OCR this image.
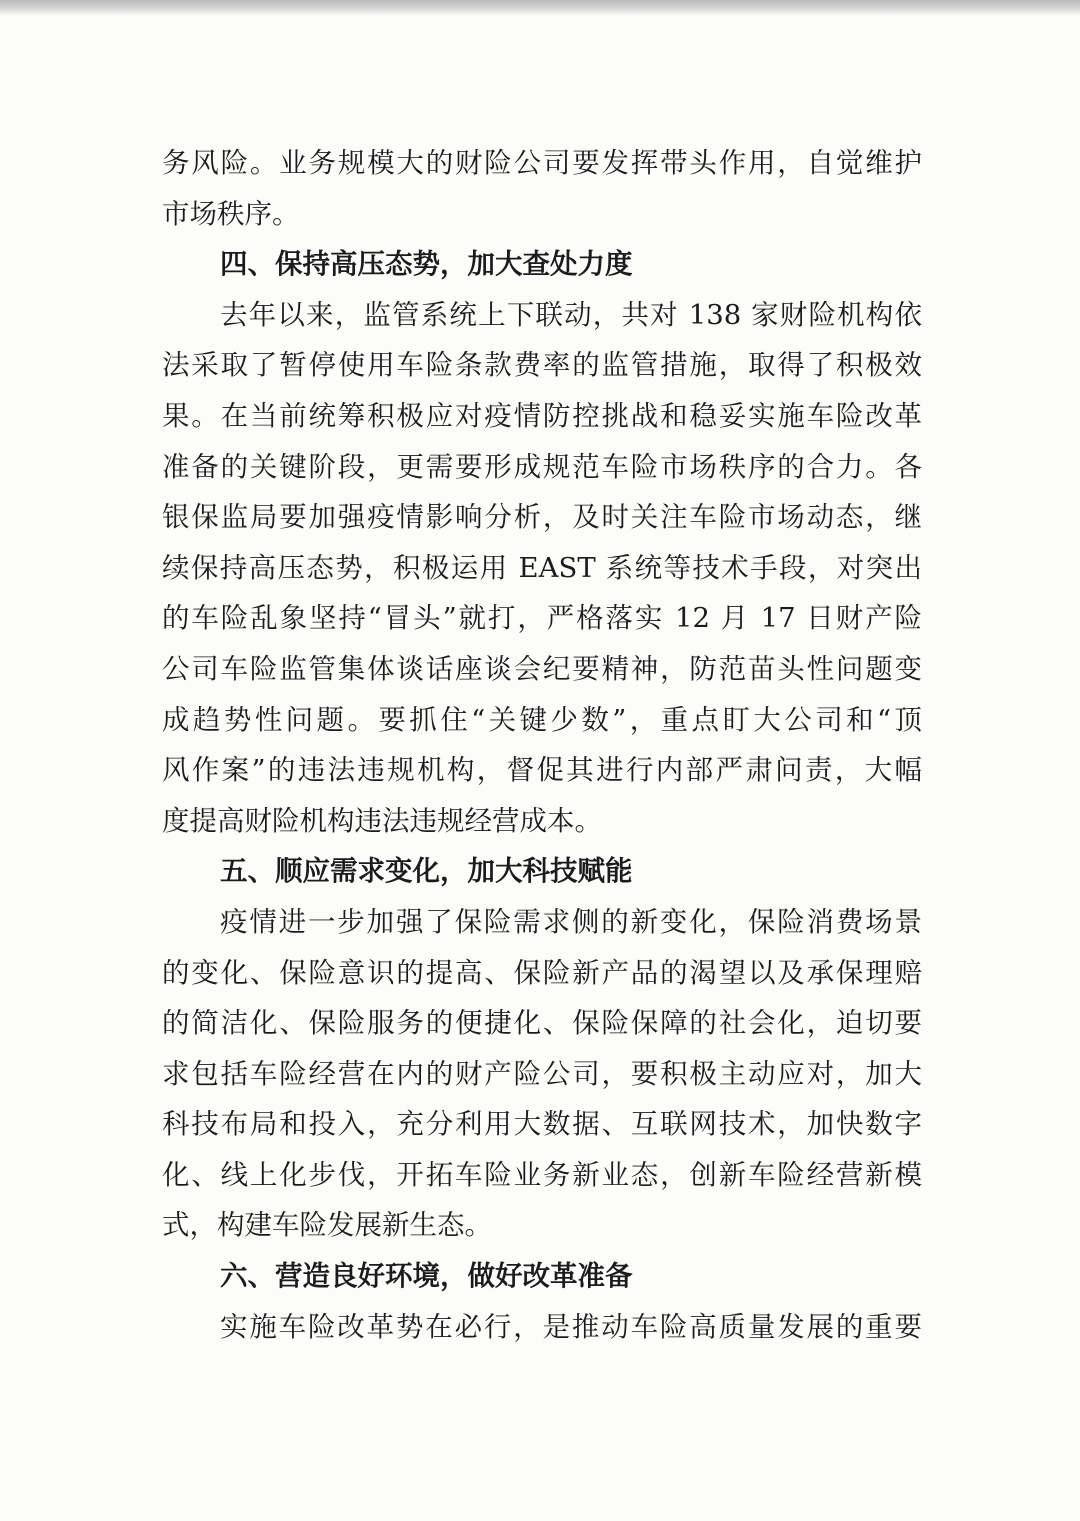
务风险。业务规模大的财险公司要发挥带头作用，自觉维护
市场秩序。
四、保持高压态势，加大查处力度
去年以来，监管系统上下联动，共对 138 家财险机构依
法采取了暂停使用车险条款费率的监管措施，取得了积极效
果。在当前统筹积极应对疫情防控挑战和稳妥实施车险改革
准备的关键阶段，更需要形成规范车险市场秩序的合力。各
银保监局要加强疫情影响分析，及时关注车险市场动态，继
续保持高压态势，积极运用 EAST 系统等技术手段，对突出
的车险乱象坚持“冒头”就打，严格落实 12 月 17 日财产险
公司车险监管集体谈话座谈会纪要精神，防范苗头性问题变
成趋势性问题。要抓住“关键少数”，重点盯大公司和“顶
风作案”的违法违规机构，督促其进行内部严肃问责，大幅
度提高财险机构违法违规经营成本。
五、顺应需求变化，加大科技赋能
疫情进一步加强了保险需求侧的新变化，保险消费场景
的变化、保险意识的提高、保险新产品的渴望以及承保理赔
的简洁化、保险服务的便捷化、保险保障的社会化，迫切要
求包括车险经营在内的财产险公司，要积极主动应对，加大
科技布局和投入，充分利用大数据、互联网技术，加快数字
化、线上化步伐，开拓车险业务新业态，创新车险经营新模
式，构建车险发展新生态。
六、营造良好环境，做好改革准备
实施车险改革势在必行，是推动车险高质量发展的重要
